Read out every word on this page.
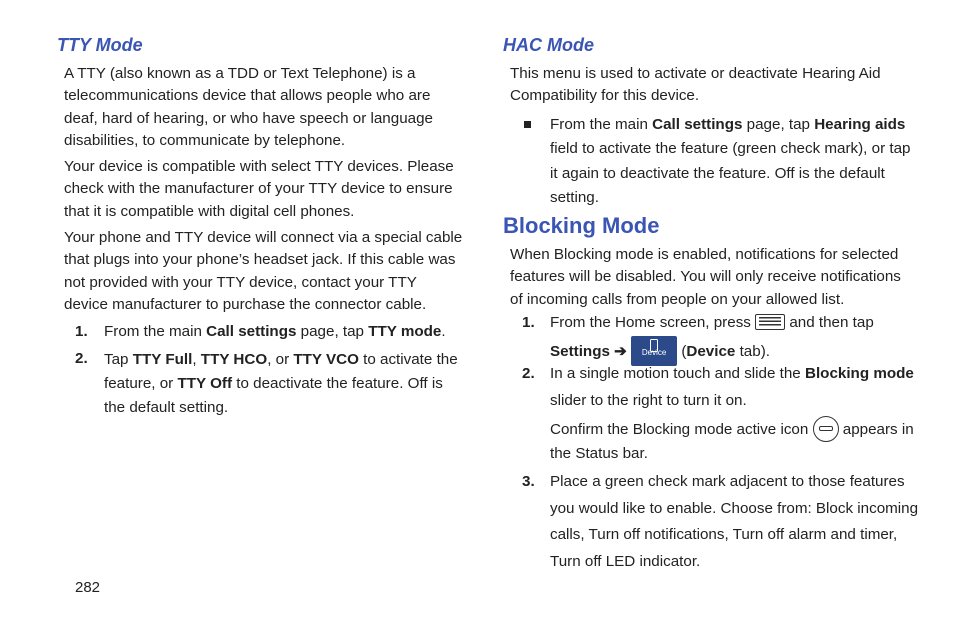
TTY Mode

A TTY (also known as a TDD or Text Telephone) is a telecommunications device that allows people who are deaf, hard of hearing, or who have speech or language disabilities, to communicate by telephone.

Your device is compatible with select TTY devices. Please check with the manufacturer of your TTY device to ensure that it is compatible with digital cell phones.

Your phone and TTY device will connect via a special cable that plugs into your phone’s headset jack. If this cable was not provided with your TTY device, contact your TTY device manufacturer to purchase the connector cable.

1. From the main Call settings page, tap TTY mode.

2. Tap TTY Full, TTY HCO, or TTY VCO to activate the feature, or TTY Off to deactivate the feature. Off is the default setting.

HAC Mode

This menu is used to activate or deactivate Hearing Aid Compatibility for this device.

From the main Call settings page, tap Hearing aids field to activate the feature (green check mark), or tap it again to deactivate the feature. Off is the default setting.

Blocking Mode

When Blocking mode is enabled, notifications for selected features will be disabled. You will only receive notifications of incoming calls from people on your allowed list.

1. From the Home screen, press  and then tap

Settings ➔	Device (Device tab).

2. In a single motion touch and slide the Blocking mode

slider to the right to turn it on.

Confirm the Blocking mode active icon  appears in

the Status bar.

3. Place a green check mark adjacent to those features

you would like to enable. Choose from: Block incoming

calls, Turn off notifications, Turn off alarm and timer,

Turn off LED indicator.

282
